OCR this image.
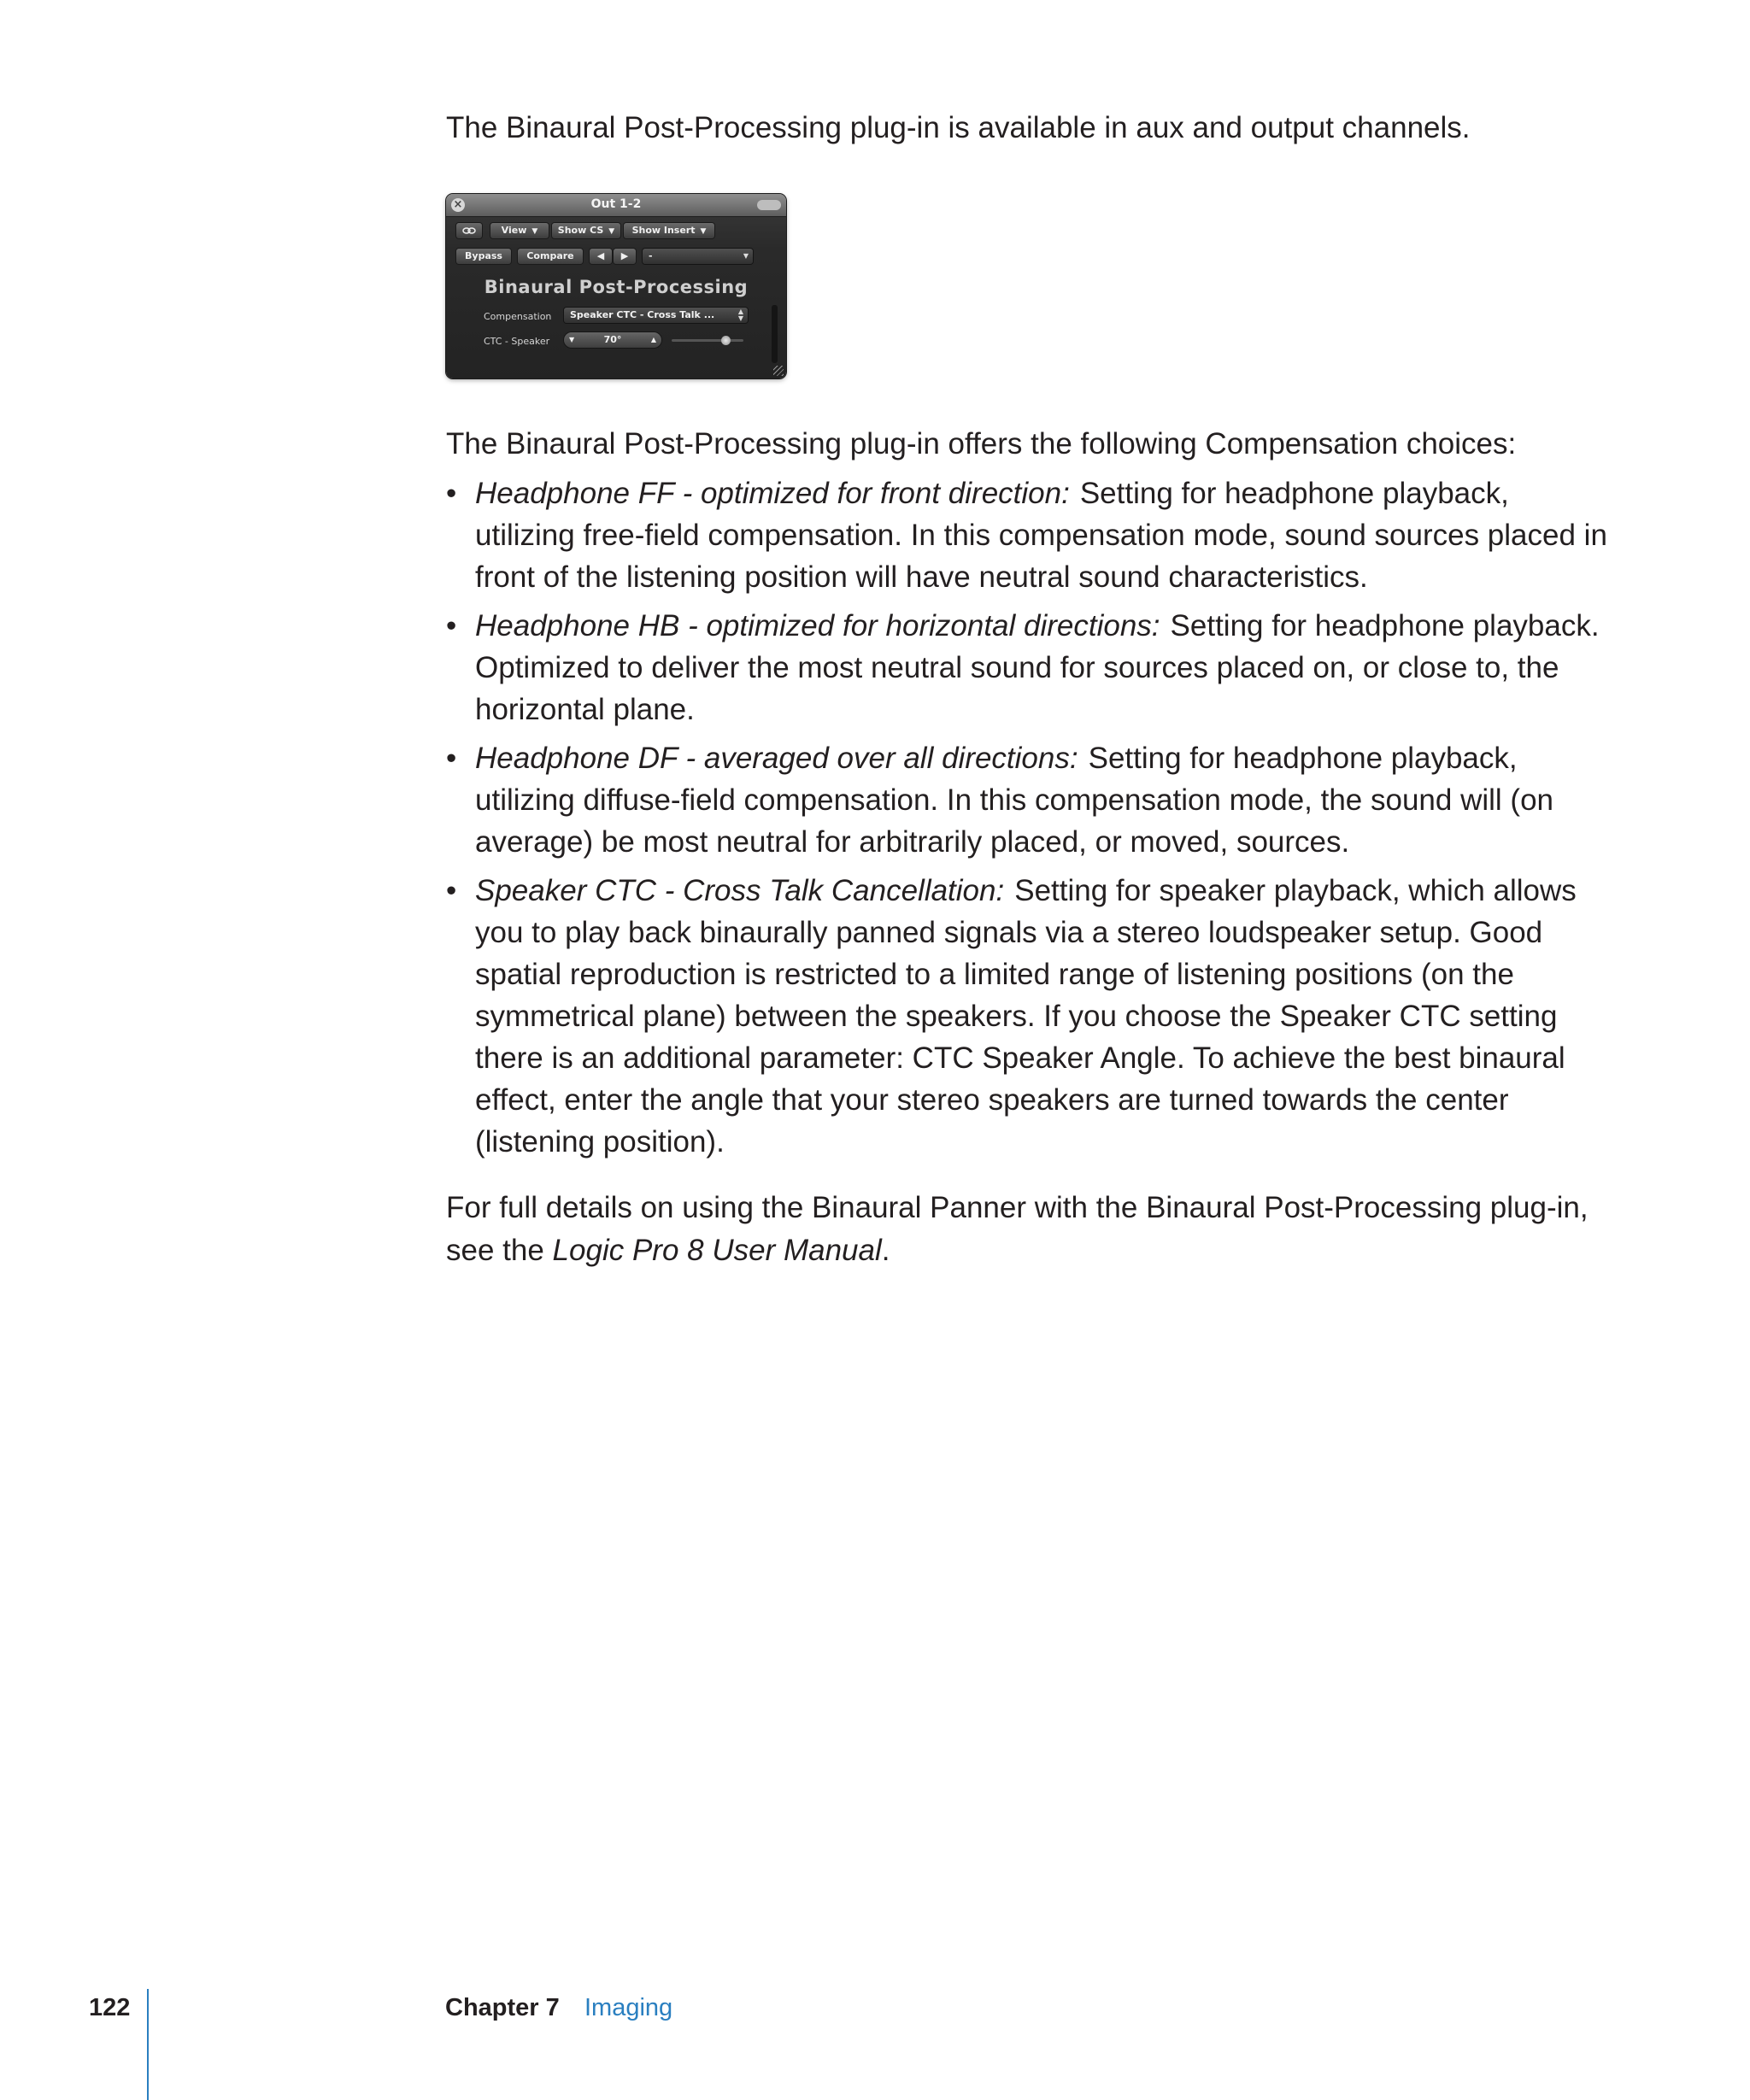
The Binaural Post-Processing plug-in is available in aux and output channels.

×	Out 1-2
View ▼	Show CS ▼	Show Insert ▼
Bypass	Compare	◀	▶	-	▼
Binaural Post-Processing
Compensation	Speaker CTC - Cross Talk ...	▲
▼
CTC - Speaker	▼	70°	▲

The Binaural Post-Processing plug-in offers the following Compensation choices:

• Headphone FF - optimized for front direction: Setting for headphone playback, utilizing free-field compensation. In this compensation mode, sound sources placed in front of the listening position will have neutral sound characteristics.
• Headphone HB - optimized for horizontal directions: Setting for headphone playback. Optimized to deliver the most neutral sound for sources placed on, or close to, the horizontal plane.
• Headphone DF - averaged over all directions: Setting for headphone playback, utilizing diffuse-field compensation. In this compensation mode, the sound will (on average) be most neutral for arbitrarily placed, or moved, sources.
• Speaker CTC - Cross Talk Cancellation: Setting for speaker playback, which allows you to play back binaurally panned signals via a stereo loudspeaker setup. Good spatial reproduction is restricted to a limited range of listening positions (on the symmetrical plane) between the speakers. If you choose the Speaker CTC setting there is an additional parameter: CTC Speaker Angle. To achieve the best binaural effect, enter the angle that your stereo speakers are turned towards the center (listening position).

For full details on using the Binaural Panner with the Binaural Post-Processing plug-in, see the Logic Pro 8 User Manual.

122	Chapter 7 Imaging
